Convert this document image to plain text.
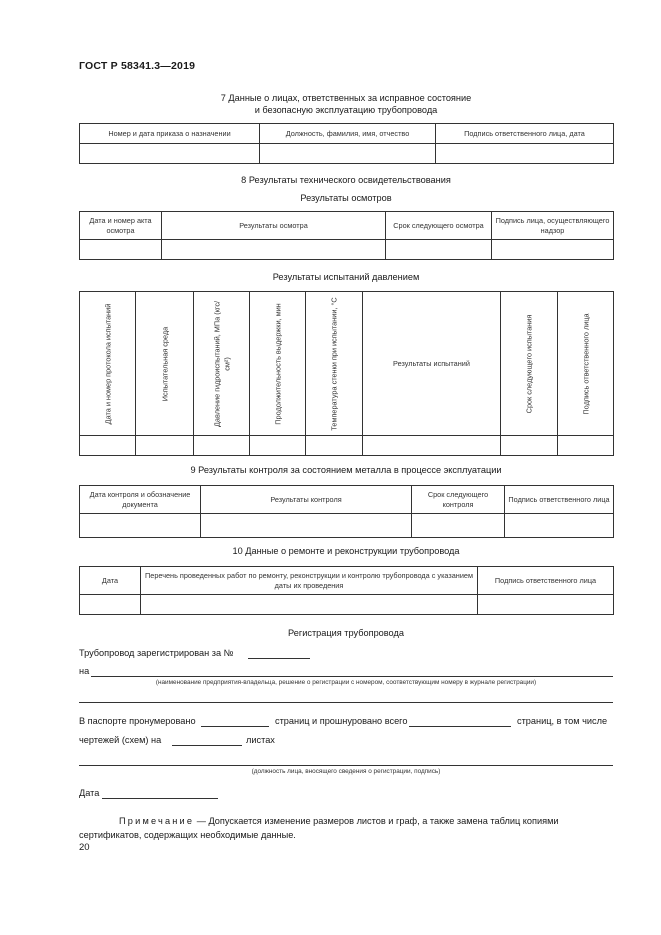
ГОСТ Р 58341.3—2019
7 Данные о лицах, ответственных за исправное состояние
и безопасную эксплуатацию трубопровода
Номер и дата приказа о назначении	Должность, фамилия, имя, отчество	Подпись ответственного лица, дата

8 Результаты технического освидетельствования
Результаты осмотров
Дата и номер акта осмотра	Результаты осмотра	Срок следующего осмотра	Подпись лица, осуществляющего надзор

Результаты испытаний давлением
Дата и номер протокола испытаний	Испытательная среда	Давление гидроиспытаний, МПа (кгс/см²)	Продолжительность выдержки, мин	Температура стенки при испытании, °С	Результаты испытаний	Срок следующего испытания	Подпись ответственного лица

9 Результаты контроля за состоянием металла в процессе эксплуатации
Дата контроля и обозначение документа	Результаты контроля	Срок следующего контроля	Подпись ответственного лица

10 Данные о ремонте и реконструкции трубопровода
Дата	Перечень проведенных работ по ремонту, реконструкции и контролю трубопровода с указанием даты их проведения	Подпись ответственного лица

Регистрация трубопровода
Трубопровод зарегистрирован за №
на
(наименование предприятия-владельца, решение о регистрации с номером, соответствующим номеру в журнале регистрации)
В паспорте пронумеровано	страниц и прошнуровано всего	страниц, в том числе
чертежей (схем) на	листах
(должность лица, вносящего сведения о регистрации, подпись)
Дата
Примечание — Допускается изменение размеров листов и граф, а также замена таблиц копиями сертификатов, содержащих необходимые данные.
20
